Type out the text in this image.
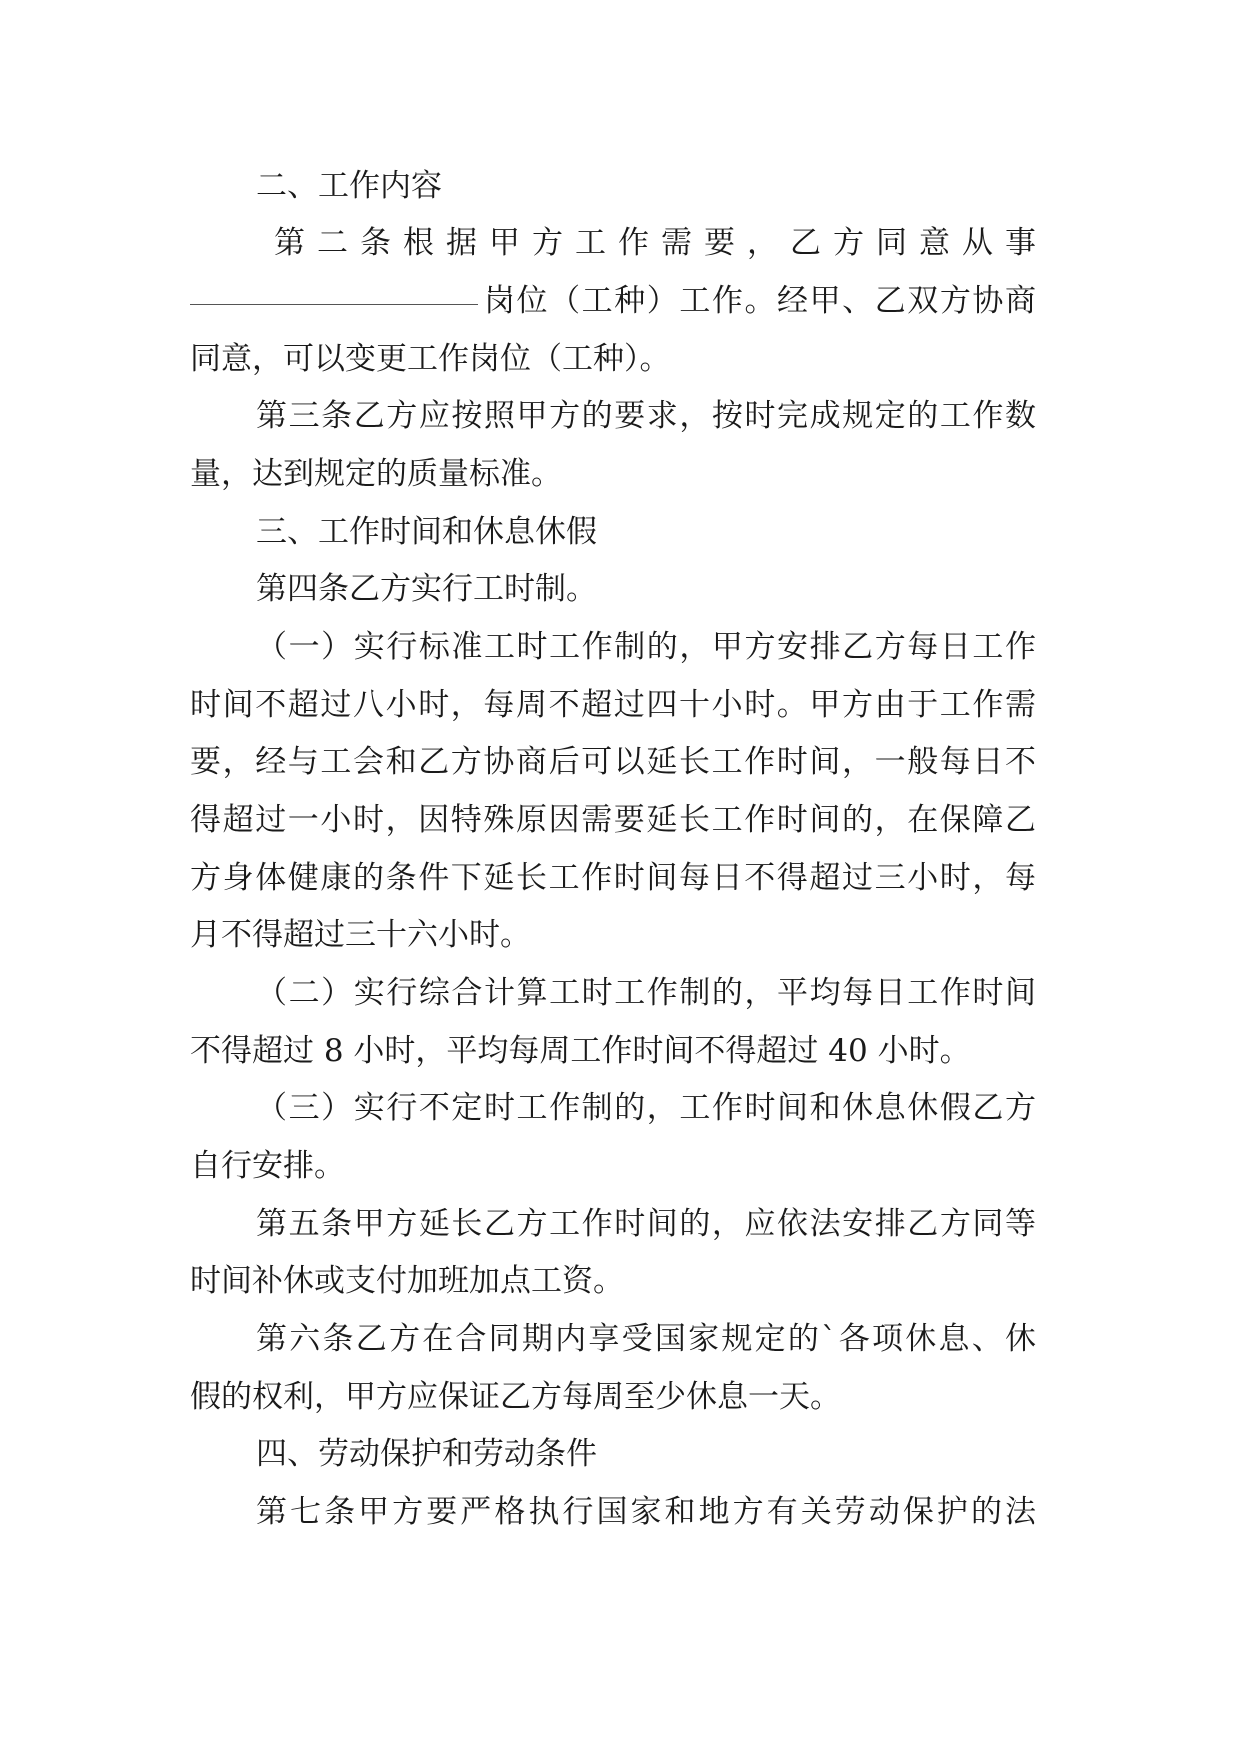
二、工作内容

第二条根据甲方工作需要，乙方同意从事

岗位（工种）工作。经甲、乙双方协商

同意，可以变更工作岗位（工种）。

第三条乙方应按照甲方的要求，按时完成规定的工作数

量，达到规定的质量标准。

三、工作时间和休息休假

第四条乙方实行工时制。

（一）实行标准工时工作制的，甲方安排乙方每日工作

时间不超过八小时，每周不超过四十小时。甲方由于工作需

要，经与工会和乙方协商后可以延长工作时间，一般每日不

得超过一小时，因特殊原因需要延长工作时间的，在保障乙

方身体健康的条件下延长工作时间每日不得超过三小时，每

月不得超过三十六小时。

（二）实行综合计算工时工作制的，平均每日工作时间

不得超过 8 小时，平均每周工作时间不得超过 40 小时。

（三）实行不定时工作制的，工作时间和休息休假乙方

自行安排。

第五条甲方延长乙方工作时间的，应依法安排乙方同等

时间补休或支付加班加点工资。

第六条乙方在合同期内享受国家规定的`各项休息、休

假的权利，甲方应保证乙方每周至少休息一天。

四、劳动保护和劳动条件

第七条甲方要严格执行国家和地方有关劳动保护的法
